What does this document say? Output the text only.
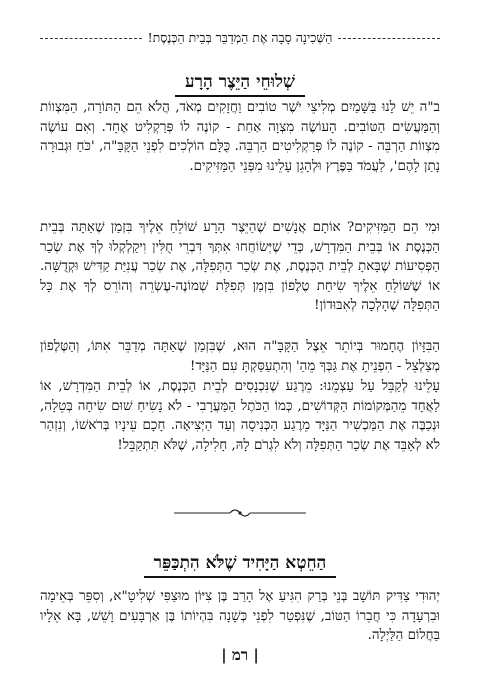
הַשְּׁכִינָה סָבָה אֶת הַמְדַבֵּר בְּבֵית הַכְּנֶסֶת!
שְׁלוּחֵי הַיֵּצֶר הָרָע

ב"ה יֵשׁ לָנוּ בַּשָּׁמַיִם מְלִיצֵי יֹשֶׁר טוֹבִים וַחֲזָקִים מְאֹד, הֲלֹא הֵם הַתּוֹרָה, הַמִּצְווֹת וְהַמַּעֲשִׂים הַטּוֹבִים. הָעוֹשֶׂה מִצְוָה אַחַת - קוֹנֶה לוֹ פְּרַקְלִיט אֶחָד. וְאִם עוֹשֶׂה מִצְווֹת הַרְבֵּה - קוֹנֶה לוֹ פְּרַקְלִיטִים הַרְבֵּה. כֻּלָּם הוֹלְכִים לִפְנֵי הַקָּבָּ"ה, 'כֹּחַ וּגְבוּרָה נָתַן לָהֶם', לַעֲמֹד בַּפֶּרֶץ וּלְהָגֵן עָלֵינוּ מִפְּנֵי הַמַּזִּיקִים.

וּמִי הֵם הַמַּזִּיקִים? אוֹתָם אֲנָשִׁים שֶׁהַיֵּצֶר הָרָע שׁוֹלֵחַ אֵלֶיךָ בִּזְמַן שֶׁאַתָּה בְּבֵית הַכְּנֶסֶת אוֹ בְּבֵית הַמִּדְרָשׁ, כְּדֵי שֶׁיְּשׂוֹחֲחוּ אִתְּךָ דִּבְרֵי חֻלִּין וִיקַלְקְלוּ לְךָ אֶת שְׂכַר הַפְּסִיעוֹת שֶׁבָּאתָ לְבֵית הַכְּנֶסֶת, אֶת שְׂכַר הַתְּפִלָּה, אֶת שְׂכַר עֲנִיַּת קַדִּישׁ וּקְדֻשָּׁה. אוֹ שֶׁשּׁוֹלֵחַ אֵלֶיךָ שִׂיחַת טֶלֶפוֹן בִּזְמַן תְּפִלַּת שְׁמוֹנֶה-עֶשְׂרֵה וְהוֹרֵס לְךָ אֶת כָּל הַתְּפִלָּה שֶׁהָלְכָה לְאִבּוּדוֹן!

הַבִּזָּיוֹן הֶחָמוּר בְּיוֹתֵר אֵצֶל הַקָּבָּ"ה הוּא, שֶׁבִּזְמַן שֶׁאַתָּה מְדַבֵּר אִתּוֹ, וְהַטֶּלֶפוֹן מְצַלְצֵל - הִפְנֵיתָ אֶת גַּבְּךָ מֵהַ' וְהִתְעַסַּקְתָּ עִם הַנַּיָּד!

עָלֵינוּ לְקַבֵּל עַל עַצְמֵנוּ: מֵרֶגַע שֶׁנִּכְנָסִים לְבֵית הַכְּנֶסֶת, אוֹ לְבֵית הַמִּדְרָשׁ, אוֹ לַאֲחָד מֵהַמְּקוֹמוֹת הַקְּדוֹשִׁים, כְּמוֹ הַכֹּתֶל הַמַּעֲרָבִי - לֹא נָשִׂיחַ שׁוּם שִׂיחָה בְּטֵלָה, וּנְכַבֶּה אֶת הַמַּכְשִׁיר הַנַּיָּד מֵרֶגַע הַכְּנִיסָה וְעַד הַיְּצִיאָה. חָכָם עֵינָיו בְּרֹאשׁוֹ, וְנִזְהַר לֹא לְאַבֵּד אֶת שְׂכַר הַתְּפִלָּה וְלֹא לִגְרֹם לָהּ, חָלִילָה, שֶׁלֹּא תִּתְקַבֵּל!

הַחֵטְא הַיָּחִיד שֶׁלֹּא הִתְכַּפֵּר

יְהוּדִי צַדִּיק תּוֹשָׁב בְּנֵי בְּרַק הִגִּיעַ אֶל הָרַב בֶּן צִיּוֹן מוּצַפִּי שְׁלִיטָ"א, וְסִפֵּר בְּאֵימָה וּבִרְעָדָה כִּי חֲבֵרוֹ הַטּוֹב, שֶׁנִּפְטַר לִפְנֵי כְּשָׁנָה בִּהְיוֹתוֹ בֶּן אַרְבָּעִים וָשֵׁשׁ, בָּא אֵלָיו בַּחֲלוֹם הַלַּיְלָה.

| רמ |
